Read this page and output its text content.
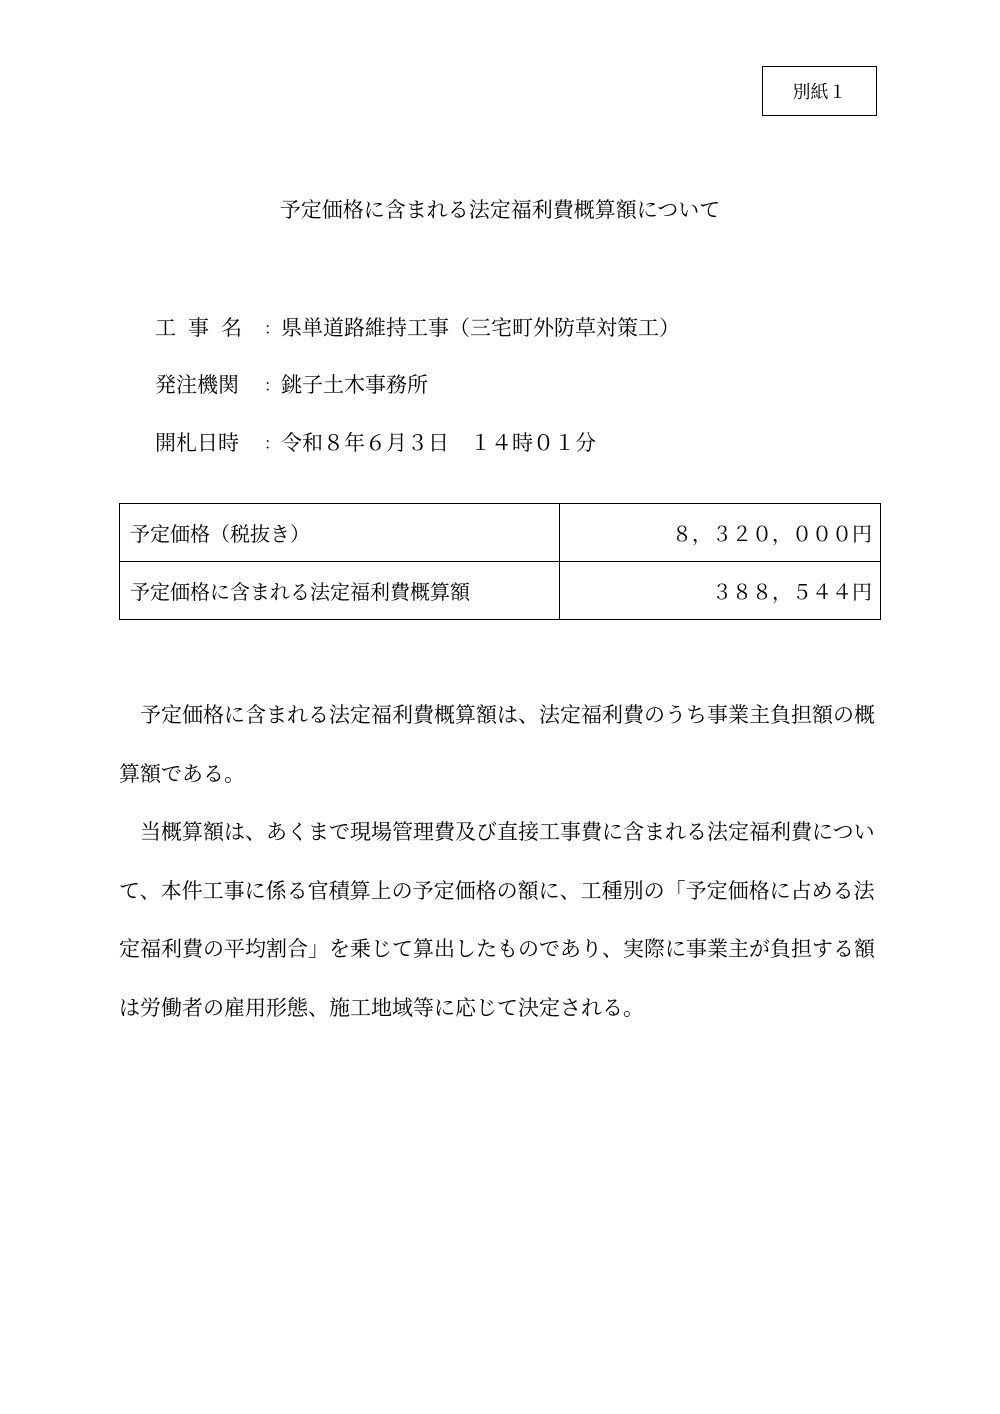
別紙１
予定価格に含まれる法定福利費概算額について
工事名 ： 県単道路維持工事（三宅町外防草対策工）
発注機関	： 銚子土木事務所
開札日時	： 令和８年６月３日　１４時０１分
予定価格（税抜き）	８，３２０，０００円
予定価格に含まれる法定福利費概算額	３８８，５４４円

予定価格に含まれる法定福利費概算額は、法定福利費のうち事業主負担額の概算額である。

当概算額は、あくまで現場管理費及び直接工事費に含まれる法定福利費について、本件工事に係る官積算上の予定価格の額に、工種別の「予定価格に占める法定福利費の平均割合」を乗じて算出したものであり、実際に事業主が負担する額は労働者の雇用形態、施工地域等に応じて決定される。
